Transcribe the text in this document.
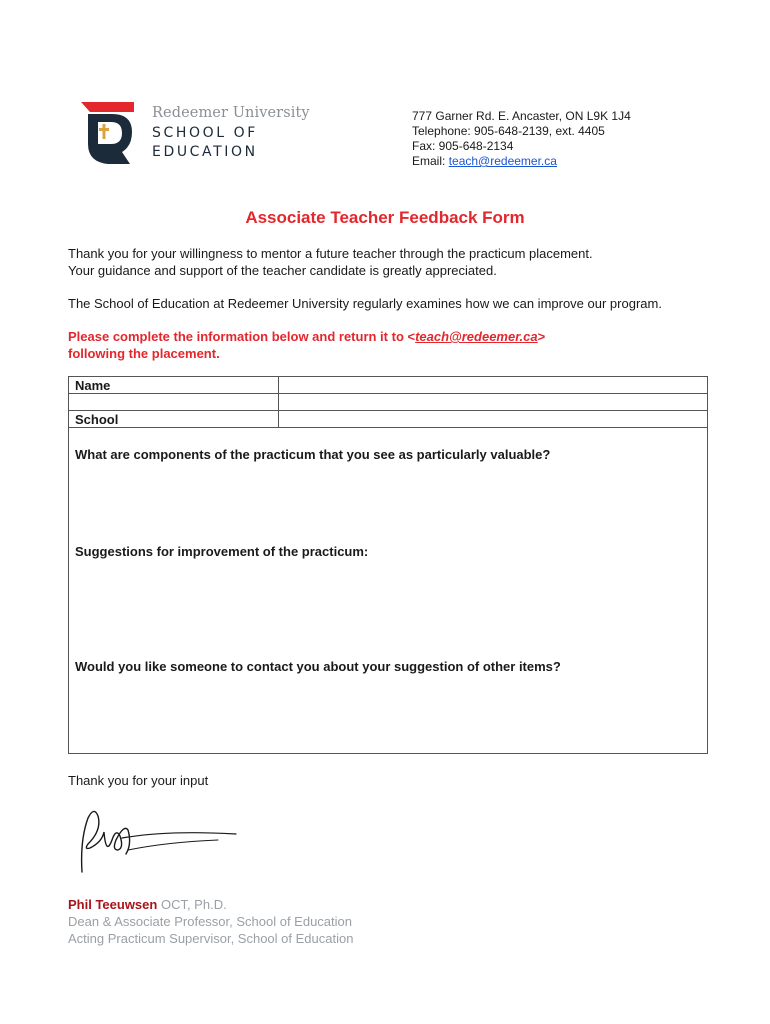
Redeemer University
SCHOOL OF
EDUCATION
777 Garner Rd. E. Ancaster, ON L9K 1J4
Telephone: 905-648-2139, ext. 4405
Fax: 905-648-2134
Email: teach@redeemer.ca
Associate Teacher Feedback Form
Thank you for your willingness to mentor a future teacher through the practicum placement.
Your guidance and support of the teacher candidate is greatly appreciated.
The School of Education at Redeemer University regularly examines how we can improve our program.
Please complete the information below and return it to <teach@redeemer.ca>
following the placement.
Name
School
What are components of the practicum that you see as particularly valuable?
Suggestions for improvement of the practicum:
Would you like someone to contact you about your suggestion of other items?
Thank you for your input
Phil Teeuwsen OCT, Ph.D.
Dean & Associate Professor, School of Education
Acting Practicum Supervisor, School of Education
